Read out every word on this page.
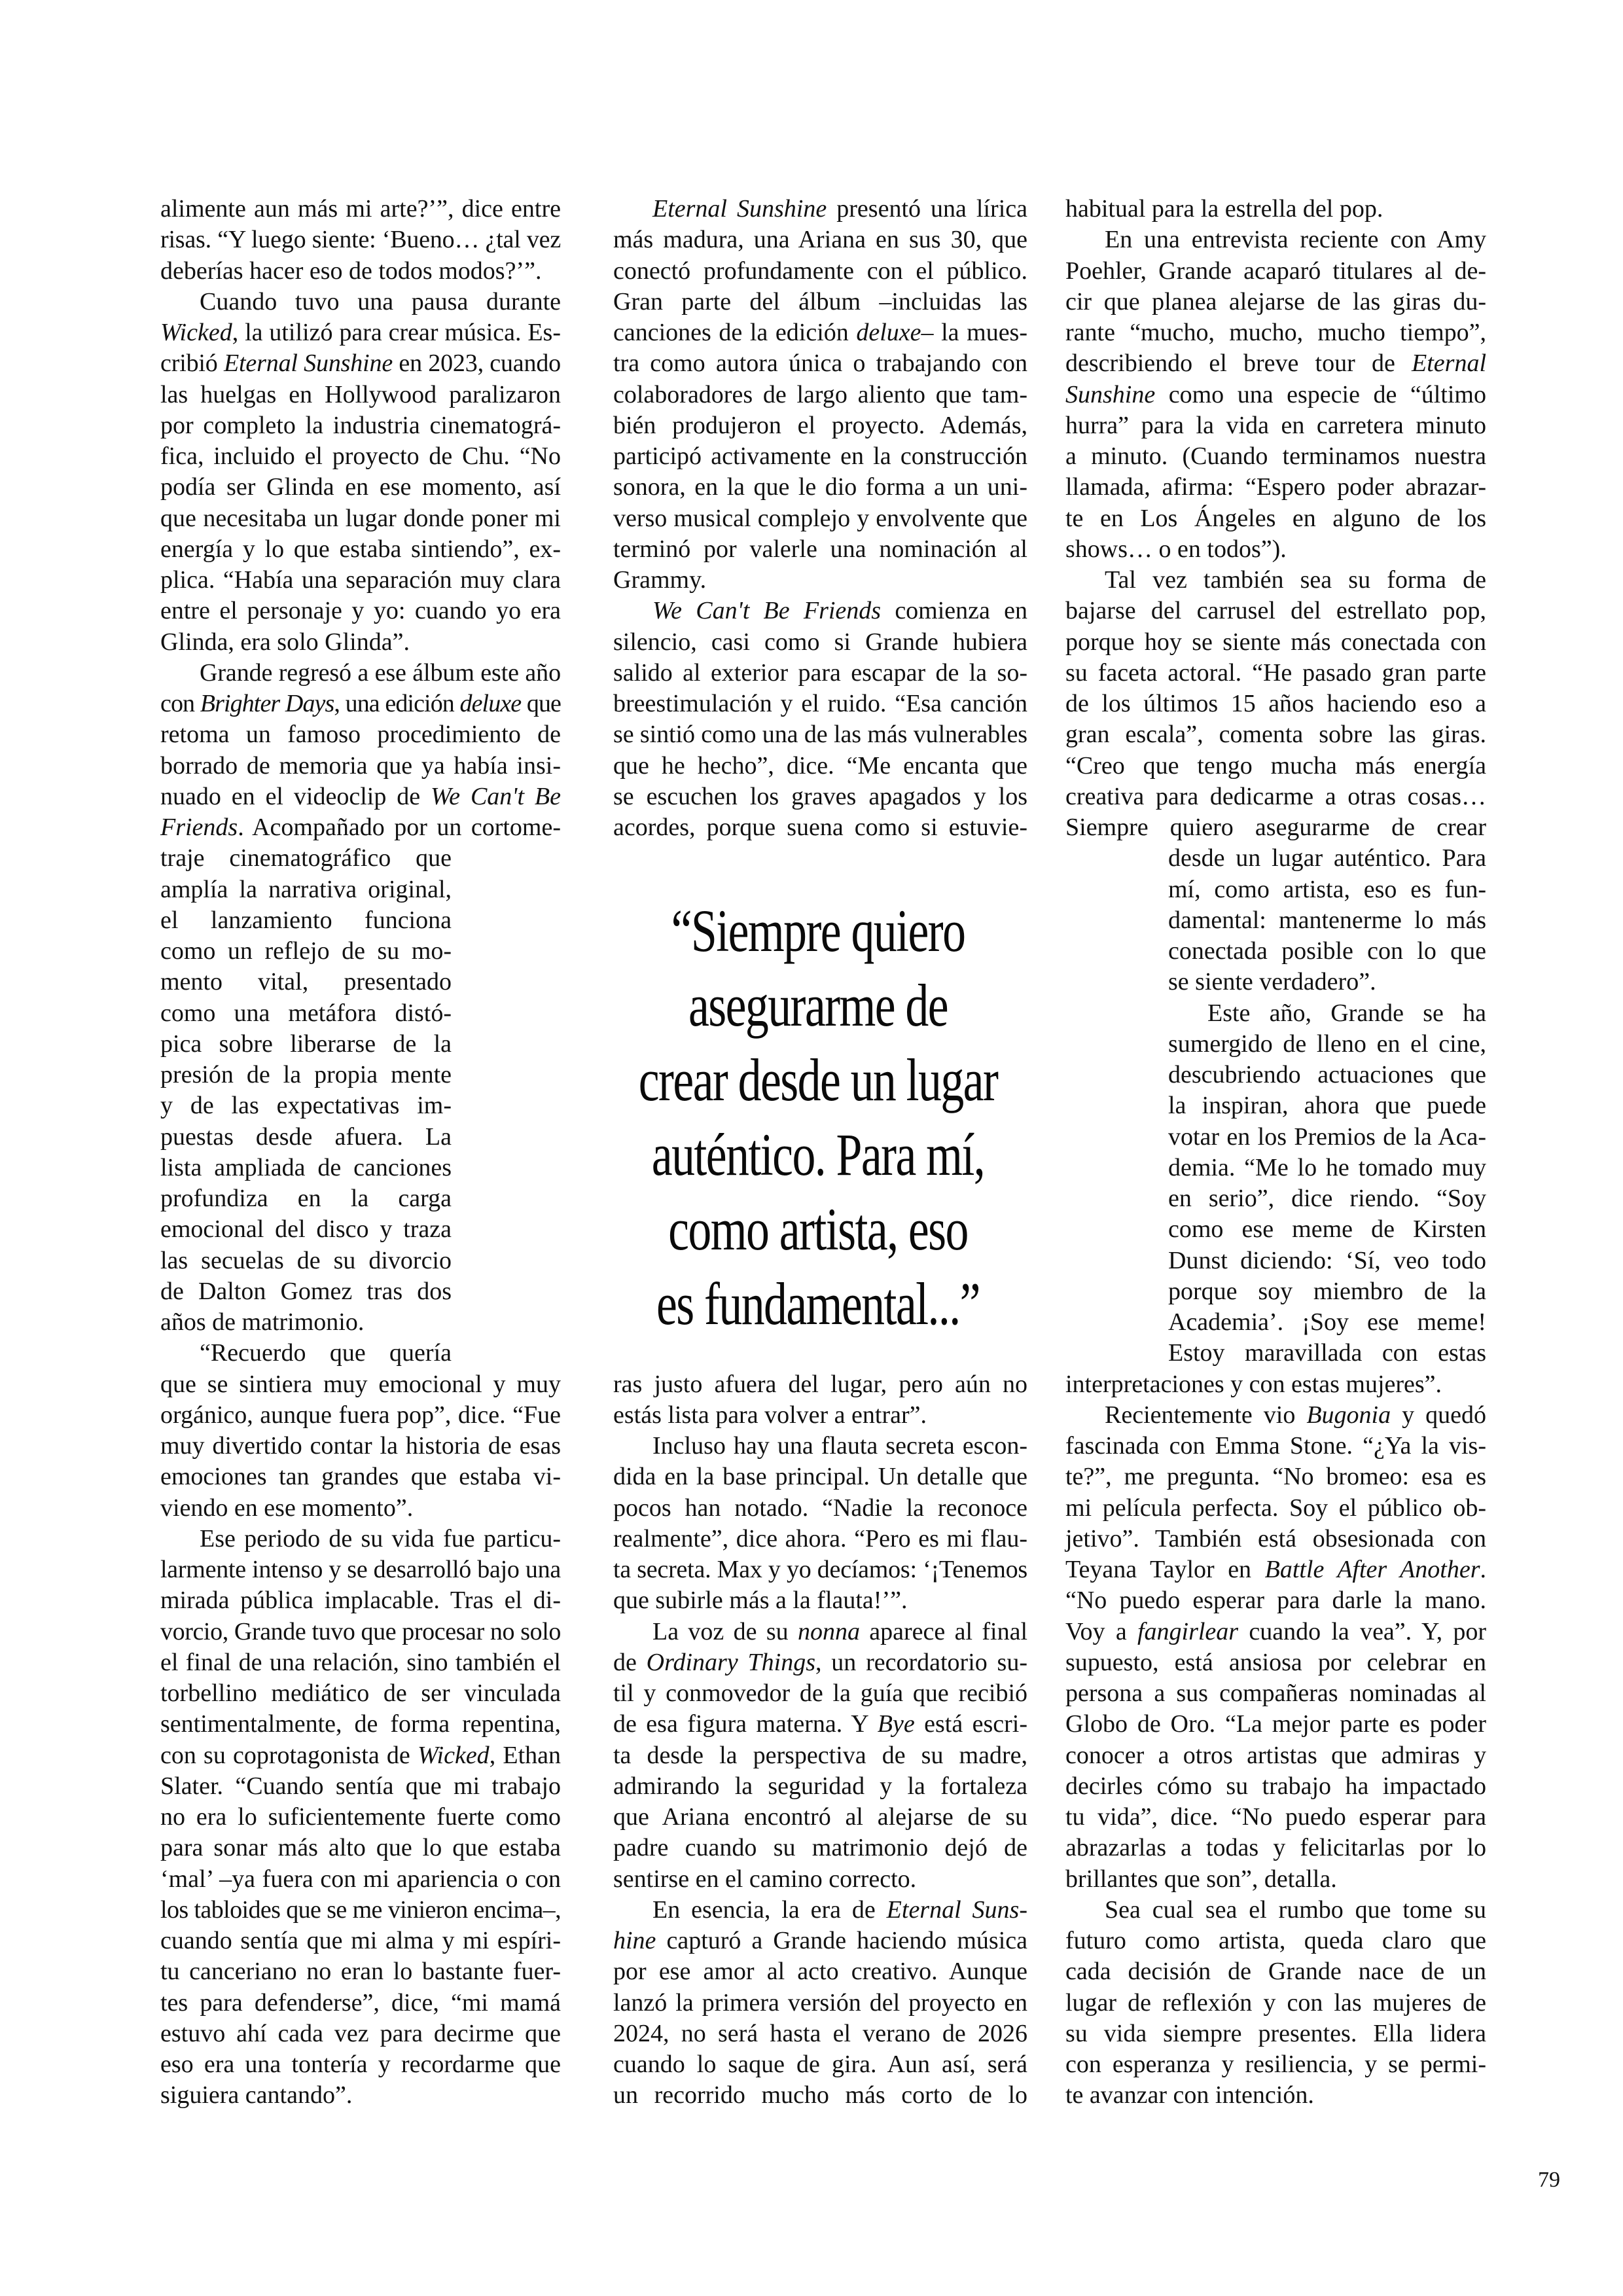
alimente aun más mi arte?’”, dice entre
risas. “Y luego siente: ‘Bueno… ¿tal vez
deberías hacer eso de todos modos?’”.
Cuando tuvo una pausa durante
Wicked, la utilizó para crear música. Es-
cribió Eternal Sunshine en 2023, cuando
las huelgas en Hollywood paralizaron
por completo la industria cinematográ-
fica, incluido el proyecto de Chu. “No
podía ser Glinda en ese momento, así
que necesitaba un lugar donde poner mi
energía y lo que estaba sintiendo”, ex-
plica. “Había una separación muy clara
entre el personaje y yo: cuando yo era
Glinda, era solo Glinda”.
Grande regresó a ese álbum este año
con Brighter Days, una edición deluxe que
retoma un famoso procedimiento de
borrado de memoria que ya había insi-
nuado en el videoclip de We Can't Be
Friends. Acompañado por un cortome-
traje cinematográfico que
amplía la narrativa original,
el lanzamiento funciona
como un reflejo de su mo-
mento vital, presentado
como una metáfora distó-
pica sobre liberarse de la
presión de la propia mente
y de las expectativas im-
puestas desde afuera. La
lista ampliada de canciones
profundiza en la carga
emocional del disco y traza
las secuelas de su divorcio
de Dalton Gomez tras dos
años de matrimonio.
“Recuerdo que quería
que se sintiera muy emocional y muy
orgánico, aunque fuera pop”, dice. “Fue
muy divertido contar la historia de esas
emociones tan grandes que estaba vi-
viendo en ese momento”.
Ese periodo de su vida fue particu-
larmente intenso y se desarrolló bajo una
mirada pública implacable. Tras el di-
vorcio, Grande tuvo que procesar no solo
el final de una relación, sino también el
torbellino mediático de ser vinculada
sentimentalmente, de forma repentina,
con su coprotagonista de Wicked, Ethan
Slater. “Cuando sentía que mi trabajo
no era lo suficientemente fuerte como
para sonar más alto que lo que estaba
‘mal’ –ya fuera con mi apariencia o con
los tabloides que se me vinieron encima–,
cuando sentía que mi alma y mi espíri-
tu canceriano no eran lo bastante fuer-
tes para defenderse”, dice, “mi mamá
estuvo ahí cada vez para decirme que
eso era una tontería y recordarme que
siguiera cantando”.
Eternal Sunshine presentó una lírica
más madura, una Ariana en sus 30, que
conectó profundamente con el público.
Gran parte del álbum –incluidas las
canciones de la edición deluxe– la mues-
tra como autora única o trabajando con
colaboradores de largo aliento que tam-
bién produjeron el proyecto. Además,
participó activamente en la construcción
sonora, en la que le dio forma a un uni-
verso musical complejo y envolvente que
terminó por valerle una nominación al
Grammy.
We Can't Be Friends comienza en
silencio, casi como si Grande hubiera
salido al exterior para escapar de la so-
breestimulación y el ruido. “Esa canción
se sintió como una de las más vulnerables
que he hecho”, dice. “Me encanta que
se escuchen los graves apagados y los
acordes, porque suena como si estuvie-
ras justo afuera del lugar, pero aún no
estás lista para volver a entrar”.
Incluso hay una flauta secreta escon-
dida en la base principal. Un detalle que
pocos han notado. “Nadie la reconoce
realmente”, dice ahora. “Pero es mi flau-
ta secreta. Max y yo decíamos: ‘¡Tenemos
que subirle más a la flauta!’”.
La voz de su nonna aparece al final
de Ordinary Things, un recordatorio su-
til y conmovedor de la guía que recibió
de esa figura materna. Y Bye está escri-
ta desde la perspectiva de su madre,
admirando la seguridad y la fortaleza
que Ariana encontró al alejarse de su
padre cuando su matrimonio dejó de
sentirse en el camino correcto.
En esencia, la era de Eternal Suns-
hine capturó a Grande haciendo música
por ese amor al acto creativo. Aunque
lanzó la primera versión del proyecto en
2024, no será hasta el verano de 2026
cuando lo saque de gira. Aun así, será
un recorrido mucho más corto de lo
habitual para la estrella del pop.
En una entrevista reciente con Amy
Poehler, Grande acaparó titulares al de-
cir que planea alejarse de las giras du-
rante “mucho, mucho, mucho tiempo”,
describiendo el breve tour de Eternal
Sunshine como una especie de “último
hurra” para la vida en carretera minuto
a minuto. (Cuando terminamos nuestra
llamada, afirma: “Espero poder abrazar-
te en Los Ángeles en alguno de los
shows… o en todos”).
Tal vez también sea su forma de
bajarse del carrusel del estrellato pop,
porque hoy se siente más conectada con
su faceta actoral. “He pasado gran parte
de los últimos 15 años haciendo eso a
gran escala”, comenta sobre las giras.
“Creo que tengo mucha más energía
creativa para dedicarme a otras cosas…
Siempre quiero asegurarme de crear
desde un lugar auténtico. Para
mí, como artista, eso es fun-
damental: mantenerme lo más
conectada posible con lo que
se siente verdadero”.
Este año, Grande se ha
sumergido de lleno en el cine,
descubriendo actuaciones que
la inspiran, ahora que puede
votar en los Premios de la Aca-
demia. “Me lo he tomado muy
en serio”, dice riendo. “Soy
como ese meme de Kirsten
Dunst diciendo: ‘Sí, veo todo
porque soy miembro de la
Academia’. ¡Soy ese meme!
Estoy maravillada con estas
interpretaciones y con estas mujeres”.
Recientemente vio Bugonia y quedó
fascinada con Emma Stone. “¿Ya la vis-
te?”, me pregunta. “No bromeo: esa es
mi película perfecta. Soy el público ob-
jetivo”. También está obsesionada con
Teyana Taylor en Battle After Another.
“No puedo esperar para darle la mano.
Voy a fangirlear cuando la vea”. Y, por
supuesto, está ansiosa por celebrar en
persona a sus compañeras nominadas al
Globo de Oro. “La mejor parte es poder
conocer a otros artistas que admiras y
decirles cómo su trabajo ha impactado
tu vida”, dice. “No puedo esperar para
abrazarlas a todas y felicitarlas por lo
brillantes que son”, detalla.
Sea cual sea el rumbo que tome su
futuro como artista, queda claro que
cada decisión de Grande nace de un
lugar de reflexión y con las mujeres de
su vida siempre presentes. Ella lidera
con esperanza y resiliencia, y se permi-
te avanzar con intención.
“Siempre quiero
asegurarme de
crear desde un lugar
auténtico. Para mí,
como artista, eso
es fundamental...”
79
